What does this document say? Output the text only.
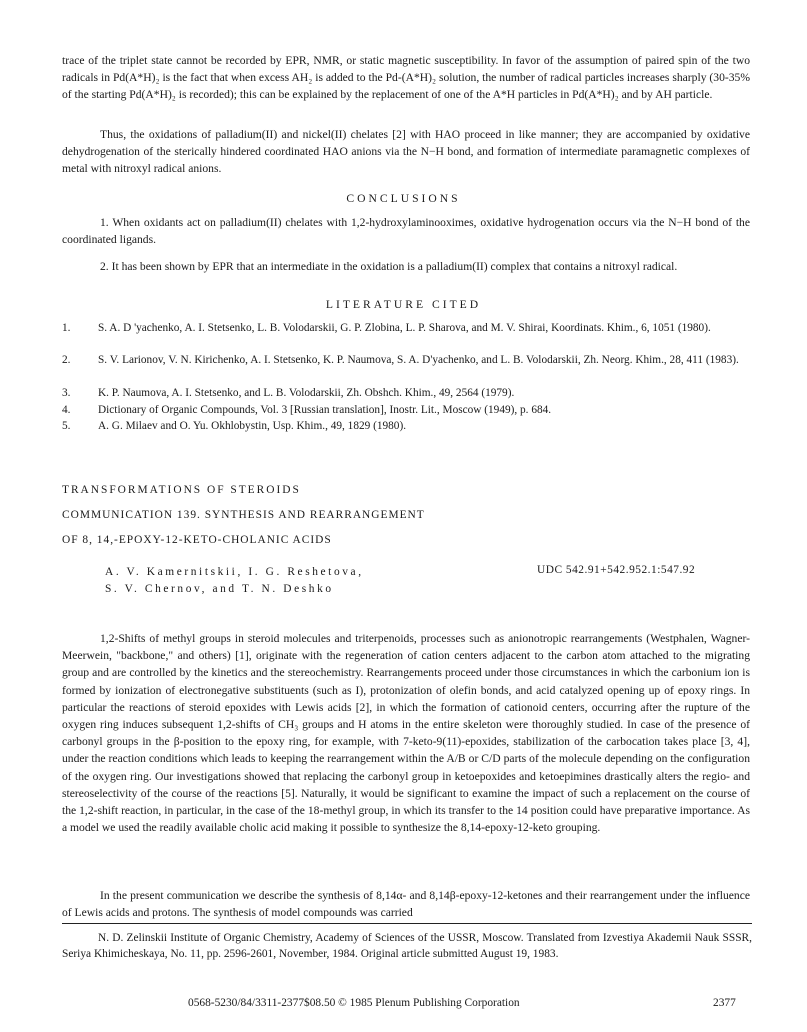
trace of the triplet state cannot be recorded by EPR, NMR, or static magnetic susceptibility. In favor of the assumption of paired spin of the two radicals in Pd(A*H)₂ is the fact that when excess AH₂ is added to the Pd-(A*H)₂ solution, the number of radical particles increases sharply (30-35% of the starting Pd(A*H)₂ is recorded); this can be explained by the replacement of one of the A*H particles in Pd(A*H)₂ and by AH particle.

Thus, the oxidations of palladium(II) and nickel(II) chelates [2] with HAO proceed in like manner; they are accompanied by oxidative dehydrogenation of the sterically hindered coordinated HAO anions via the N−H bond, and formation of intermediate paramagnetic complexes of metal with nitroxyl radical anions.

CONCLUSIONS

1. When oxidants act on palladium(II) chelates with 1,2-hydroxylaminooximes, oxidative hydrogenation occurs via the N−H bond of the coordinated ligands.

2. It has been shown by EPR that an intermediate in the oxidation is a palladium(II) complex that contains a nitroxyl radical.

LITERATURE CITED

1.	S. A. D 'yachenko, A. I. Stetsenko, L. B. Volodarskii, G. P. Zlobina, L. P. Sharova, and M. V. Shirai, Koordinats. Khim., 6, 1051 (1980).
2.	S. V. Larionov, V. N. Kirichenko, A. I. Stetsenko, K. P. Naumova, S. A. D'yachenko, and L. B. Volodarskii, Zh. Neorg. Khim., 28, 411 (1983).
3.	K. P. Naumova, A. I. Stetsenko, and L. B. Volodarskii, Zh. Obshch. Khim., 49, 2564 (1979).
4.	Dictionary of Organic Compounds, Vol. 3 [Russian translation], Inostr. Lit., Moscow (1949), p. 684.
5.	A. G. Milaev and O. Yu. Okhlobystin, Usp. Khim., 49, 1829 (1980).

TRANSFORMATIONS OF STEROIDS

COMMUNICATION 139. SYNTHESIS AND REARRANGEMENT

OF 8, 14,-EPOXY-12-KETO-CHOLANIC ACIDS

A. V. Kamernitskii, I. G. Reshetova,
S. V. Chernov, and T. N. Deshko
UDC 542.91+542.952.1:547.92

1,2-Shifts of methyl groups in steroid molecules and triterpenoids, processes such as anionotropic rearrangements (Westphalen, Wagner-Meerwein, "backbone," and others) [1], originate with the regeneration of cation centers adjacent to the carbon atom attached to the migrating group and are controlled by the kinetics and the stereochemistry. Rearrangements proceed under those circumstances in which the carbonium ion is formed by ionization of electronegative substituents (such as I), protonization of olefin bonds, and acid catalyzed opening up of epoxy rings. In particular the reactions of steroid epoxides with Lewis acids [2], in which the formation of cationoid centers, occurring after the rupture of the oxygen ring induces subsequent 1,2-shifts of CH₃ groups and H atoms in the entire skeleton were thoroughly studied. In case of the presence of carbonyl groups in the β-position to the epoxy ring, for example, with 7-keto-9(11)-epoxides, stabilization of the carbocation takes place [3, 4], under the reaction conditions which leads to keeping the rearrangement within the A/B or C/D parts of the molecule depending on the configuration of the oxygen ring. Our investigations showed that replacing the carbonyl group in ketoepoxides and ketoepimines drastically alters the regio- and stereoselectivity of the course of the reactions [5]. Naturally, it would be significant to examine the impact of such a replacement on the course of the 1,2-shift reaction, in particular, in the case of the 18-methyl group, in which its transfer to the 14 position could have preparative importance. As a model we used the readily available cholic acid making it possible to synthesize the 8,14-epoxy-12-keto grouping.

In the present communication we describe the synthesis of 8,14α- and 8,14β-epoxy-12-ketones and their rearrangement under the influence of Lewis acids and protons. The synthesis of model compounds was carried

N. D. Zelinskii Institute of Organic Chemistry, Academy of Sciences of the USSR, Moscow. Translated from Izvestiya Akademii Nauk SSSR, Seriya Khimicheskaya, No. 11, pp. 2596-2601, November, 1984. Original article submitted August 19, 1983.

0568-5230/84/3311-2377$08.50 © 1985 Plenum Publishing Corporation	2377
